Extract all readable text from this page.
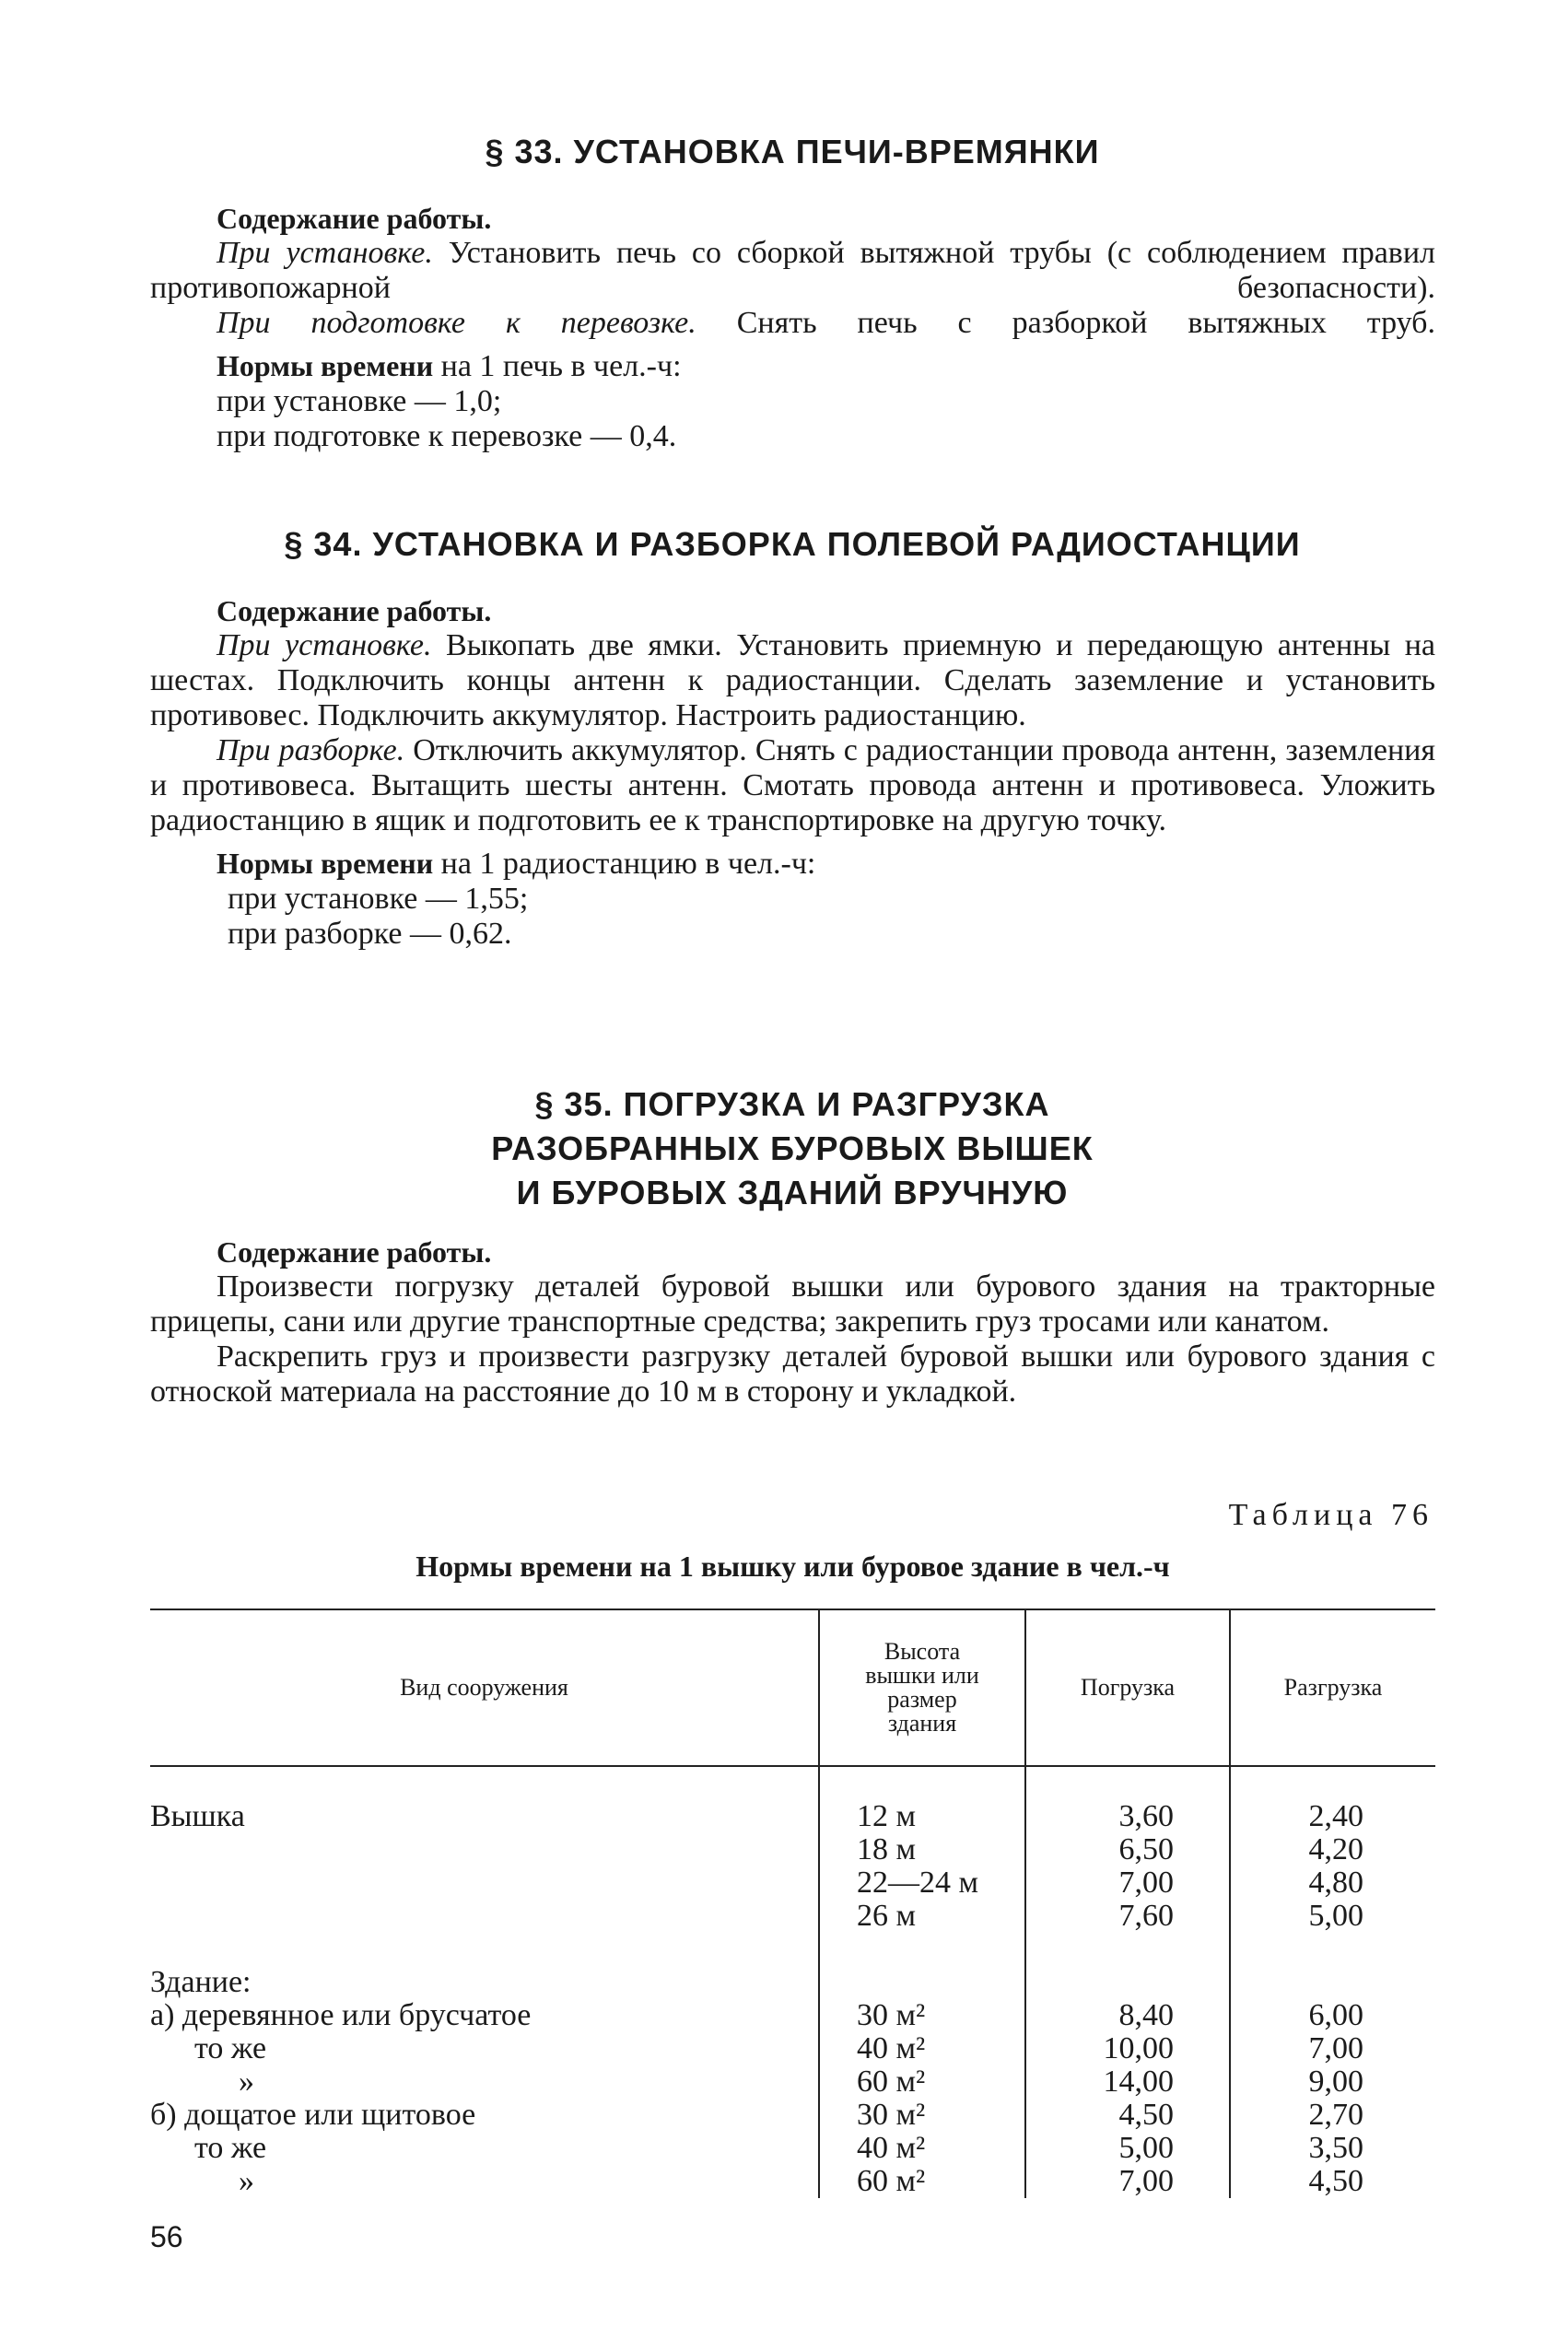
§ 33. УСТАНОВКА ПЕЧИ-ВРЕМЯНКИ
Содержание работы.

При установке. Установить печь со сборкой вытяжной трубы (с соблюдением правил противопожарной безопасности).

При подготовке к перевозке. Снять печь с разборкой вытяжных труб.

Нормы времени на 1 печь в чел.-ч:
при установке — 1,0;
при подготовке к перевозке — 0,4.
§ 34. УСТАНОВКА И РАЗБОРКА ПОЛЕВОЙ РАДИОСТАНЦИИ
Содержание работы.

При установке. Выкопать две ямки. Установить приемную и передающую антенны на шестах. Подключить концы антенн к радиостанции. Сделать заземление и установить противовес. Подключить аккумулятор. Настроить радиостанцию.

При разборке. Отключить аккумулятор. Снять с радиостанции провода антенн, заземления и противовеса. Вытащить шесты антенн. Смотать провода антенн и противовеса. Уложить радиостанцию в ящик и подготовить ее к транспортировке на другую точку.

Нормы времени на 1 радиостанцию в чел.-ч:
при установке — 1,55;
при разборке — 0,62.
§ 35. ПОГРУЗКА И РАЗГРУЗКА
РАЗОБРАННЫХ БУРОВЫХ ВЫШЕК
И БУРОВЫХ ЗДАНИЙ ВРУЧНУЮ
Содержание работы.

Произвести погрузку деталей буровой вышки или бурового здания на тракторные прицепы, сани или другие транспортные средства; закрепить груз тросами или канатом.

Раскрепить груз и произвести разгрузку деталей буровой вышки или бурового здания с отноской материала на расстояние до 10 м в сторону и укладкой.

Таблица 76
Нормы времени на 1 вышку или буровое здание в чел.-ч
Вид сооружения	Высота
вышки или
размер
здания	Погрузка	Разгрузка

Вышка	12 м	3,60	2,40
	18 м	6,50	4,20
	22—24 м	7,00	4,80
	26 м	7,60	5,00

Здание:			
а) деревянное или брусчатое	30 м²	8,40	6,00
то же	40 м²	10,00	7,00
»	60 м²	14,00	9,00
б) дощатое или щитовое	30 м²	4,50	2,70
то же	40 м²	5,00	3,50
»	60 м²	7,00	4,50
56
